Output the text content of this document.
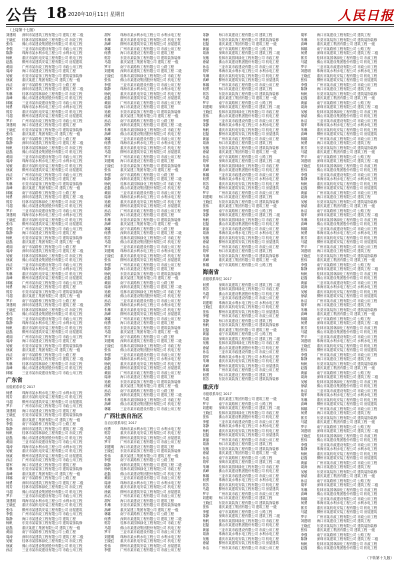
公告 18 2020年10月11日 星期日	人民日报
（上接第十七版）
刘建明	深圳市某建筑工程有限公司 建筑工程 二级
王晓红	桂林市某园林绿化工程有限公司 市政工程
张伟	佛山市某建设集团股份有限公司 机电工程
李强	三亚市某市政建设有限公司 市政公用工程
陈静	珠海市某水利水电工程公司 水利水电工程
杨帆	重庆市某机电安装工程有限公司 机电工程
赵磊	柳州市某建筑安装工程有限公司 房屋建筑
黄丽	广州市某市政工程有限公司 市政公用工程
周涛	海口市某建设工程有限公司 建筑工程
吴敏	东莞市某装饰工程有限公司 建筑装饰装修
徐斌	重庆某建工集团有限公司 建筑工程 一级
孙洁	南宁市某路桥工程有限公司 公路工程
胡军	深圳市某建筑工程有限公司 建筑工程 二级
朱琳	桂林市某园林绿化工程有限公司 市政工程
高峰	佛山市某建设集团股份有限公司 机电工程
林娜	三亚市某市政建设有限公司 市政公用工程
何勇	珠海市某水利水电工程公司 水利水电工程
郭芳	重庆市某机电安装工程有限公司 机电工程
马超	柳州市某建筑安装工程有限公司 房屋建筑
罗平	广州市某市政工程有限公司 市政公用工程
刘建明	海口市某建设工程有限公司 建筑工程
王晓红	东莞市某装饰工程有限公司 建筑装饰装修
张伟	重庆某建工集团有限公司 建筑工程 一级
李强	南宁市某路桥工程有限公司 公路工程
陈静	深圳市某建筑工程有限公司 建筑工程 二级
杨帆	桂林市某园林绿化工程有限公司 市政工程
赵磊	佛山市某建设集团股份有限公司 机电工程
黄丽	三亚市某市政建设有限公司 市政公用工程
周涛	珠海市某水利水电工程公司 水利水电工程
吴敏	重庆市某机电安装工程有限公司 机电工程
徐斌	柳州市某建筑安装工程有限公司 房屋建筑
孙洁	广州市某市政工程有限公司 市政公用工程
胡军	海口市某建设工程有限公司 建筑工程
朱琳	东莞市某装饰工程有限公司 建筑装饰装修
高峰	重庆某建工集团有限公司 建筑工程 一级
林娜	南宁市某路桥工程有限公司 公路工程
何勇	深圳市某建筑工程有限公司 建筑工程 二级
郭芳	桂林市某园林绿化工程有限公司 市政工程
马超	佛山市某建设集团股份有限公司 机电工程
罗平	三亚市某市政建设有限公司 市政公用工程
刘建明	珠海市某水利水电工程公司 水利水电工程
王晓红	重庆市某机电安装工程有限公司 机电工程
张伟	柳州市某建筑安装工程有限公司 房屋建筑
李强	广州市某市政工程有限公司 市政公用工程
陈静	海口市某建设工程有限公司 建筑工程
杨帆	东莞市某装饰工程有限公司 建筑装饰装修
赵磊	重庆某建工集团有限公司 建筑工程 一级
黄丽	南宁市某路桥工程有限公司 公路工程
周涛	深圳市某建筑工程有限公司 建筑工程 二级
吴敏	桂林市某园林绿化工程有限公司 市政工程
徐斌	佛山市某建设集团股份有限公司 机电工程
孙洁	三亚市某市政建设有限公司 市政公用工程
胡军	珠海市某水利水电工程公司 水利水电工程
朱琳	重庆市某机电安装工程有限公司 机电工程
高峰	柳州市某建筑安装工程有限公司 房屋建筑
林娜	广州市某市政工程有限公司 市政公用工程
何勇	海口市某建设工程有限公司 建筑工程
郭芳	东莞市某装饰工程有限公司 建筑装饰装修
马超	重庆某建工集团有限公司 建筑工程 一级
罗平	南宁市某路桥工程有限公司 公路工程
刘建明	深圳市某建筑工程有限公司 建筑工程 二级
王晓红	桂林市某园林绿化工程有限公司 市政工程
张伟	佛山市某建设集团股份有限公司 机电工程
李强	三亚市某市政建设有限公司 市政公用工程
陈静	珠海市某水利水电工程公司 水利水电工程
杨帆	重庆市某机电安装工程有限公司 机电工程
赵磊	柳州市某建筑安装工程有限公司 房屋建筑
黄丽	广州市某市政工程有限公司 市政公用工程
周涛	海口市某建设工程有限公司 建筑工程
吴敏	东莞市某装饰工程有限公司 建筑装饰装修
徐斌	重庆某建工集团有限公司 建筑工程 一级
孙洁	南宁市某路桥工程有限公司 公路工程
胡军	深圳市某建筑工程有限公司 建筑工程 二级
朱琳	桂林市某园林绿化工程有限公司 市政工程
高峰	佛山市某建设集团股份有限公司 机电工程
林娜	三亚市某市政建设有限公司 市政公用工程
广东省
省级联系单位 2017
何勇	珠海市某水利水电工程公司 水利水电工程
郭芳	重庆市某机电安装工程有限公司 机电工程
马超	柳州市某建筑安装工程有限公司 房屋建筑
罗平	广州市某市政工程有限公司 市政公用工程
刘建明	海口市某建设工程有限公司 建筑工程
王晓红	东莞市某装饰工程有限公司 建筑装饰装修
张伟	重庆某建工集团有限公司 建筑工程 一级
李强	南宁市某路桥工程有限公司 公路工程
陈静	深圳市某建筑工程有限公司 建筑工程 二级
杨帆	桂林市某园林绿化工程有限公司 市政工程
赵磊	佛山市某建设集团股份有限公司 机电工程
黄丽	三亚市某市政建设有限公司 市政公用工程
周涛	珠海市某水利水电工程公司 水利水电工程
吴敏	重庆市某机电安装工程有限公司 机电工程
徐斌	柳州市某建筑安装工程有限公司 房屋建筑
孙洁	广州市某市政工程有限公司 市政公用工程
胡军	海口市某建设工程有限公司 建筑工程
朱琳	东莞市某装饰工程有限公司 建筑装饰装修
高峰	重庆某建工集团有限公司 建筑工程 一级
林娜	南宁市某路桥工程有限公司 公路工程
何勇	深圳市某建筑工程有限公司 建筑工程 二级
郭芳	桂林市某园林绿化工程有限公司 市政工程
马超	佛山市某建设集团股份有限公司 机电工程
罗平	三亚市某市政建设有限公司 市政公用工程
刘建明	珠海市某水利水电工程公司 水利水电工程
王晓红	重庆市某机电安装工程有限公司 机电工程
张伟	柳州市某建筑安装工程有限公司 房屋建筑
李强	广州市某市政工程有限公司 市政公用工程
陈静	海口市某建设工程有限公司 建筑工程
杨帆	东莞市某装饰工程有限公司 建筑装饰装修
赵磊	重庆某建工集团有限公司 建筑工程 一级
黄丽	南宁市某路桥工程有限公司 公路工程
周涛	深圳市某建筑工程有限公司 建筑工程 二级
吴敏	桂林市某园林绿化工程有限公司 市政工程
徐斌	佛山市某建设集团股份有限公司 机电工程
孙洁	三亚市某市政建设有限公司 市政公用工程
胡军	珠海市某水利水电工程公司 水利水电工程
朱琳	重庆市某机电安装工程有限公司 机电工程
高峰	柳州市某建筑安装工程有限公司 房屋建筑
林娜	广州市某市政工程有限公司 市政公用工程
何勇	海口市某建设工程有限公司 建筑工程
郭芳	东莞市某装饰工程有限公司 建筑装饰装修
马超	重庆某建工集团有限公司 建筑工程 一级
罗平	南宁市某路桥工程有限公司 公路工程
刘建明	深圳市某建筑工程有限公司 建筑工程 二级
王晓红	桂林市某园林绿化工程有限公司 市政工程
张伟	佛山市某建设集团股份有限公司 机电工程
李强	三亚市某市政建设有限公司 市政公用工程
陈静	珠海市某水利水电工程公司 水利水电工程
杨帆	重庆市某机电安装工程有限公司 机电工程
赵磊	柳州市某建筑安装工程有限公司 房屋建筑
黄丽	广州市某市政工程有限公司 市政公用工程
周涛	海口市某建设工程有限公司 建筑工程
吴敏	东莞市某装饰工程有限公司 建筑装饰装修
徐斌	重庆某建工集团有限公司 建筑工程 一级
孙洁	南宁市某路桥工程有限公司 公路工程
胡军	深圳市某建筑工程有限公司 建筑工程 二级
朱琳	桂林市某园林绿化工程有限公司 市政工程
高峰	佛山市某建设集团股份有限公司 机电工程
林娜	三亚市某市政建设有限公司 市政公用工程
何勇	珠海市某水利水电工程公司 水利水电工程
郭芳	重庆市某机电安装工程有限公司 机电工程
马超	柳州市某建筑安装工程有限公司 房屋建筑
罗平	广州市某市政工程有限公司 市政公用工程
刘建明	海口市某建设工程有限公司 建筑工程
王晓红	东莞市某装饰工程有限公司 建筑装饰装修
张伟	重庆某建工集团有限公司 建筑工程 一级
李强	南宁市某路桥工程有限公司 公路工程
陈静	深圳市某建筑工程有限公司 建筑工程 二级
杨帆	桂林市某园林绿化工程有限公司 市政工程
赵磊	佛山市某建设集团股份有限公司 机电工程
黄丽	三亚市某市政建设有限公司 市政公用工程
周涛	珠海市某水利水电工程公司 水利水电工程
吴敏	重庆市某机电安装工程有限公司 机电工程
徐斌	柳州市某建筑安装工程有限公司 房屋建筑
孙洁	广州市某市政工程有限公司 市政公用工程
胡军	海口市某建设工程有限公司 建筑工程
朱琳	东莞市某装饰工程有限公司 建筑装饰装修
高峰	重庆某建工集团有限公司 建筑工程 一级
林娜	南宁市某路桥工程有限公司 公路工程
何勇	深圳市某建筑工程有限公司 建筑工程 二级
郭芳	桂林市某园林绿化工程有限公司 市政工程
马超	佛山市某建设集团股份有限公司 机电工程
罗平	三亚市某市政建设有限公司 市政公用工程
刘建明	珠海市某水利水电工程公司 水利水电工程
王晓红	重庆市某机电安装工程有限公司 机电工程
张伟	柳州市某建筑安装工程有限公司 房屋建筑
李强	广州市某市政工程有限公司 市政公用工程
陈静	海口市某建设工程有限公司 建筑工程
杨帆	东莞市某装饰工程有限公司 建筑装饰装修
赵磊	重庆某建工集团有限公司 建筑工程 一级
黄丽	南宁市某路桥工程有限公司 公路工程
周涛	深圳市某建筑工程有限公司 建筑工程 二级
吴敏	桂林市某园林绿化工程有限公司 市政工程
徐斌	佛山市某建设集团股份有限公司 机电工程
孙洁	三亚市某市政建设有限公司 市政公用工程
胡军	珠海市某水利水电工程公司 水利水电工程
朱琳	重庆市某机电安装工程有限公司 机电工程
高峰	柳州市某建筑安装工程有限公司 房屋建筑
林娜	广州市某市政工程有限公司 市政公用工程
何勇	海口市某建设工程有限公司 建筑工程
郭芳	东莞市某装饰工程有限公司 建筑装饰装修
马超	重庆某建工集团有限公司 建筑工程 一级
罗平	南宁市某路桥工程有限公司 公路工程
刘建明	深圳市某建筑工程有限公司 建筑工程 二级
王晓红	桂林市某园林绿化工程有限公司 市政工程
张伟	佛山市某建设集团股份有限公司 机电工程
李强	三亚市某市政建设有限公司 市政公用工程
陈静	珠海市某水利水电工程公司 水利水电工程
杨帆	重庆市某机电安装工程有限公司 机电工程
赵磊	柳州市某建筑安装工程有限公司 房屋建筑
黄丽	广州市某市政工程有限公司 市政公用工程
周涛	海口市某建设工程有限公司 建筑工程
吴敏	东莞市某装饰工程有限公司 建筑装饰装修
徐斌	重庆某建工集团有限公司 建筑工程 一级
孙洁	南宁市某路桥工程有限公司 公路工程
胡军	深圳市某建筑工程有限公司 建筑工程 二级
朱琳	桂林市某园林绿化工程有限公司 市政工程
高峰	佛山市某建设集团股份有限公司 机电工程
林娜	三亚市某市政建设有限公司 市政公用工程
广西壮族自治区
自治区联系单位 2017
何勇	珠海市某水利水电工程公司 水利水电工程
郭芳	重庆市某机电安装工程有限公司 机电工程
马超	柳州市某建筑安装工程有限公司 房屋建筑
罗平	广州市某市政工程有限公司 市政公用工程
刘建明	海口市某建设工程有限公司 建筑工程
王晓红	东莞市某装饰工程有限公司 建筑装饰装修
张伟	重庆某建工集团有限公司 建筑工程 一级
李强	南宁市某路桥工程有限公司 公路工程
陈静	深圳市某建筑工程有限公司 建筑工程 二级
杨帆	桂林市某园林绿化工程有限公司 市政工程
赵磊	佛山市某建设集团股份有限公司 机电工程
黄丽	三亚市某市政建设有限公司 市政公用工程
周涛	珠海市某水利水电工程公司 水利水电工程
吴敏	重庆市某机电安装工程有限公司 机电工程
徐斌	柳州市某建筑安装工程有限公司 房屋建筑
孙洁	广州市某市政工程有限公司 市政公用工程
胡军	海口市某建设工程有限公司 建筑工程
朱琳	东莞市某装饰工程有限公司 建筑装饰装修
高峰	重庆某建工集团有限公司 建筑工程 一级
林娜	南宁市某路桥工程有限公司 公路工程
何勇	深圳市某建筑工程有限公司 建筑工程 二级
郭芳	桂林市某园林绿化工程有限公司 市政工程
马超	佛山市某建设集团股份有限公司 机电工程
罗平	三亚市某市政建设有限公司 市政公用工程
刘建明	珠海市某水利水电工程公司 水利水电工程
王晓红	重庆市某机电安装工程有限公司 机电工程
张伟	柳州市某建筑安装工程有限公司 房屋建筑
李强	广州市某市政工程有限公司 市政公用工程
陈静	海口市某建设工程有限公司 建筑工程
杨帆	东莞市某装饰工程有限公司 建筑装饰装修
赵磊	重庆某建工集团有限公司 建筑工程 一级
黄丽	南宁市某路桥工程有限公司 公路工程
周涛	深圳市某建筑工程有限公司 建筑工程 二级
吴敏	桂林市某园林绿化工程有限公司 市政工程
徐斌	佛山市某建设集团股份有限公司 机电工程
孙洁	三亚市某市政建设有限公司 市政公用工程
胡军	珠海市某水利水电工程公司 水利水电工程
朱琳	重庆市某机电安装工程有限公司 机电工程
高峰	柳州市某建筑安装工程有限公司 房屋建筑
林娜	广州市某市政工程有限公司 市政公用工程
何勇	海口市某建设工程有限公司 建筑工程
郭芳	东莞市某装饰工程有限公司 建筑装饰装修
马超	重庆某建工集团有限公司 建筑工程 一级
罗平	南宁市某路桥工程有限公司 公路工程
刘建明	深圳市某建筑工程有限公司 建筑工程 二级
王晓红	桂林市某园林绿化工程有限公司 市政工程
张伟	佛山市某建设集团股份有限公司 机电工程
李强	三亚市某市政建设有限公司 市政公用工程
陈静	珠海市某水利水电工程公司 水利水电工程
杨帆	重庆市某机电安装工程有限公司 机电工程
赵磊	柳州市某建筑安装工程有限公司 房屋建筑
黄丽	广州市某市政工程有限公司 市政公用工程
周涛	海口市某建设工程有限公司 建筑工程
吴敏	东莞市某装饰工程有限公司 建筑装饰装修
徐斌	重庆某建工集团有限公司 建筑工程 一级
孙洁	南宁市某路桥工程有限公司 公路工程
胡军	深圳市某建筑工程有限公司 建筑工程 二级
朱琳	桂林市某园林绿化工程有限公司 市政工程
高峰	佛山市某建设集团股份有限公司 机电工程
林娜	三亚市某市政建设有限公司 市政公用工程
何勇	珠海市某水利水电工程公司 水利水电工程
郭芳	重庆市某机电安装工程有限公司 机电工程
马超	柳州市某建筑安装工程有限公司 房屋建筑
罗平	广州市某市政工程有限公司 市政公用工程
刘建明	海口市某建设工程有限公司 建筑工程
王晓红	东莞市某装饰工程有限公司 建筑装饰装修
张伟	重庆某建工集团有限公司 建筑工程 一级
李强	南宁市某路桥工程有限公司 公路工程
陈静	深圳市某建筑工程有限公司 建筑工程 二级
杨帆	桂林市某园林绿化工程有限公司 市政工程
赵磊	佛山市某建设集团股份有限公司 机电工程
黄丽	三亚市某市政建设有限公司 市政公用工程
周涛	珠海市某水利水电工程公司 水利水电工程
吴敏	重庆市某机电安装工程有限公司 机电工程
徐斌	柳州市某建筑安装工程有限公司 房屋建筑
孙洁	广州市某市政工程有限公司 市政公用工程
胡军	海口市某建设工程有限公司 建筑工程
朱琳	东莞市某装饰工程有限公司 建筑装饰装修
高峰	重庆某建工集团有限公司 建筑工程 一级
林娜	南宁市某路桥工程有限公司 公路工程
海南省
省级联系单位 2017
何勇	深圳市某建筑工程有限公司 建筑工程 二级
郭芳	桂林市某园林绿化工程有限公司 市政工程
马超	佛山市某建设集团股份有限公司 机电工程
罗平	三亚市某市政建设有限公司 市政公用工程
刘建明	珠海市某水利水电工程公司 水利水电工程
王晓红	重庆市某机电安装工程有限公司 机电工程
张伟	柳州市某建筑安装工程有限公司 房屋建筑
李强	广州市某市政工程有限公司 市政公用工程
陈静	海口市某建设工程有限公司 建筑工程
杨帆	东莞市某装饰工程有限公司 建筑装饰装修
赵磊	重庆某建工集团有限公司 建筑工程 一级
黄丽	南宁市某路桥工程有限公司 公路工程
周涛	深圳市某建筑工程有限公司 建筑工程 二级
吴敏	桂林市某园林绿化工程有限公司 市政工程
徐斌	佛山市某建设集团股份有限公司 机电工程
孙洁	三亚市某市政建设有限公司 市政公用工程
胡军	珠海市某水利水电工程公司 水利水电工程
朱琳	重庆市某机电安装工程有限公司 机电工程
高峰	柳州市某建筑安装工程有限公司 房屋建筑
林娜	广州市某市政工程有限公司 市政公用工程
何勇	海口市某建设工程有限公司 建筑工程
郭芳	东莞市某装饰工程有限公司 建筑装饰装修
重庆市
市级联系单位 2017
马超	重庆某建工集团有限公司 建筑工程 一级
罗平	南宁市某路桥工程有限公司 公路工程
刘建明	深圳市某建筑工程有限公司 建筑工程 二级
王晓红	桂林市某园林绿化工程有限公司 市政工程
张伟	佛山市某建设集团股份有限公司 机电工程
李强	三亚市某市政建设有限公司 市政公用工程
陈静	珠海市某水利水电工程公司 水利水电工程
杨帆	重庆市某机电安装工程有限公司 机电工程
赵磊	柳州市某建筑安装工程有限公司 房屋建筑
黄丽	广州市某市政工程有限公司 市政公用工程
周涛	海口市某建设工程有限公司 建筑工程
吴敏	东莞市某装饰工程有限公司 建筑装饰装修
徐斌	重庆某建工集团有限公司 建筑工程 一级
孙洁	南宁市某路桥工程有限公司 公路工程
胡军	深圳市某建筑工程有限公司 建筑工程 二级
朱琳	桂林市某园林绿化工程有限公司 市政工程
高峰	佛山市某建设集团股份有限公司 机电工程
林娜	三亚市某市政建设有限公司 市政公用工程
何勇	珠海市某水利水电工程公司 水利水电工程
郭芳	重庆市某机电安装工程有限公司 机电工程
马超	柳州市某建筑安装工程有限公司 房屋建筑
罗平	广州市某市政工程有限公司 市政公用工程
刘建明	海口市某建设工程有限公司 建筑工程
王晓红	东莞市某装饰工程有限公司 建筑装饰装修
张伟	重庆某建工集团有限公司 建筑工程 一级
李强	南宁市某路桥工程有限公司 公路工程
陈静	深圳市某建筑工程有限公司 建筑工程 二级
杨帆	桂林市某园林绿化工程有限公司 市政工程
赵磊	佛山市某建设集团股份有限公司 机电工程
黄丽	三亚市某市政建设有限公司 市政公用工程
周涛	珠海市某水利水电工程公司 水利水电工程
吴敏	重庆市某机电安装工程有限公司 机电工程
徐斌	柳州市某建筑安装工程有限公司 房屋建筑
孙洁	广州市某市政工程有限公司 市政公用工程
胡军	海口市某建设工程有限公司 建筑工程
朱琳	东莞市某装饰工程有限公司 建筑装饰装修
高峰	重庆某建工集团有限公司 建筑工程 一级
林娜	南宁市某路桥工程有限公司 公路工程
何勇	深圳市某建筑工程有限公司 建筑工程 二级
郭芳	桂林市某园林绿化工程有限公司 市政工程
马超	佛山市某建设集团股份有限公司 机电工程
罗平	三亚市某市政建设有限公司 市政公用工程
刘建明	珠海市某水利水电工程公司 水利水电工程
王晓红	重庆市某机电安装工程有限公司 机电工程
张伟	柳州市某建筑安装工程有限公司 房屋建筑
李强	广州市某市政工程有限公司 市政公用工程
陈静	海口市某建设工程有限公司 建筑工程
杨帆	东莞市某装饰工程有限公司 建筑装饰装修
赵磊	重庆某建工集团有限公司 建筑工程 一级
黄丽	南宁市某路桥工程有限公司 公路工程
周涛	深圳市某建筑工程有限公司 建筑工程 二级
吴敏	桂林市某园林绿化工程有限公司 市政工程
徐斌	佛山市某建设集团股份有限公司 机电工程
孙洁	三亚市某市政建设有限公司 市政公用工程
胡军	珠海市某水利水电工程公司 水利水电工程
朱琳	重庆市某机电安装工程有限公司 机电工程
高峰	柳州市某建筑安装工程有限公司 房屋建筑
林娜	广州市某市政工程有限公司 市政公用工程
何勇	海口市某建设工程有限公司 建筑工程
郭芳	东莞市某装饰工程有限公司 建筑装饰装修
马超	重庆某建工集团有限公司 建筑工程 一级
罗平	南宁市某路桥工程有限公司 公路工程
刘建明	深圳市某建筑工程有限公司 建筑工程 二级
王晓红	桂林市某园林绿化工程有限公司 市政工程
张伟	佛山市某建设集团股份有限公司 机电工程
李强	三亚市某市政建设有限公司 市政公用工程
陈静	珠海市某水利水电工程公司 水利水电工程
杨帆	重庆市某机电安装工程有限公司 机电工程
赵磊	柳州市某建筑安装工程有限公司 房屋建筑
黄丽	广州市某市政工程有限公司 市政公用工程
周涛	海口市某建设工程有限公司 建筑工程
吴敏	东莞市某装饰工程有限公司 建筑装饰装修
徐斌	重庆某建工集团有限公司 建筑工程 一级
孙洁	南宁市某路桥工程有限公司 公路工程
胡军	深圳市某建筑工程有限公司 建筑工程 二级
朱琳	桂林市某园林绿化工程有限公司 市政工程
高峰	佛山市某建设集团股份有限公司 机电工程
林娜	三亚市某市政建设有限公司 市政公用工程
何勇	珠海市某水利水电工程公司 水利水电工程
郭芳	重庆市某机电安装工程有限公司 机电工程
马超	柳州市某建筑安装工程有限公司 房屋建筑
罗平	广州市某市政工程有限公司 市政公用工程
刘建明	海口市某建设工程有限公司 建筑工程
王晓红	东莞市某装饰工程有限公司 建筑装饰装修
张伟	重庆某建工集团有限公司 建筑工程 一级
李强	南宁市某路桥工程有限公司 公路工程
陈静	深圳市某建筑工程有限公司 建筑工程 二级
杨帆	桂林市某园林绿化工程有限公司 市政工程
赵磊	佛山市某建设集团股份有限公司 机电工程
黄丽	三亚市某市政建设有限公司 市政公用工程
周涛	珠海市某水利水电工程公司 水利水电工程
吴敏	重庆市某机电安装工程有限公司 机电工程
徐斌	柳州市某建筑安装工程有限公司 房屋建筑
孙洁	广州市某市政工程有限公司 市政公用工程
胡军	海口市某建设工程有限公司 建筑工程
朱琳	东莞市某装饰工程有限公司 建筑装饰装修
高峰	重庆某建工集团有限公司 建筑工程 一级
林娜	南宁市某路桥工程有限公司 公路工程
何勇	深圳市某建筑工程有限公司 建筑工程 二级
郭芳	桂林市某园林绿化工程有限公司 市政工程
马超	佛山市某建设集团股份有限公司 机电工程
罗平	三亚市某市政建设有限公司 市政公用工程
刘建明	珠海市某水利水电工程公司 水利水电工程
王晓红	重庆市某机电安装工程有限公司 机电工程
张伟	柳州市某建筑安装工程有限公司 房屋建筑
李强	广州市某市政工程有限公司 市政公用工程
陈静	海口市某建设工程有限公司 建筑工程
杨帆	东莞市某装饰工程有限公司 建筑装饰装修
赵磊	重庆某建工集团有限公司 建筑工程 一级
黄丽	南宁市某路桥工程有限公司 公路工程
周涛	深圳市某建筑工程有限公司 建筑工程 二级
吴敏	桂林市某园林绿化工程有限公司 市政工程
徐斌	佛山市某建设集团股份有限公司 机电工程
孙洁	三亚市某市政建设有限公司 市政公用工程
胡军	珠海市某水利水电工程公司 水利水电工程
朱琳	重庆市某机电安装工程有限公司 机电工程
高峰	柳州市某建筑安装工程有限公司 房屋建筑
林娜	广州市某市政工程有限公司 市政公用工程
何勇	海口市某建设工程有限公司 建筑工程
郭芳	东莞市某装饰工程有限公司 建筑装饰装修
马超	重庆某建工集团有限公司 建筑工程 一级
罗平	南宁市某路桥工程有限公司 公路工程
刘建明	深圳市某建筑工程有限公司 建筑工程 二级
王晓红	桂林市某园林绿化工程有限公司 市政工程
张伟	佛山市某建设集团股份有限公司 机电工程
李强	三亚市某市政建设有限公司 市政公用工程
陈静	珠海市某水利水电工程公司 水利水电工程
杨帆	重庆市某机电安装工程有限公司 机电工程
赵磊	柳州市某建筑安装工程有限公司 房屋建筑
黄丽	广州市某市政工程有限公司 市政公用工程
周涛	海口市某建设工程有限公司 建筑工程
吴敏	东莞市某装饰工程有限公司 建筑装饰装修
徐斌	重庆某建工集团有限公司 建筑工程 一级
孙洁	南宁市某路桥工程有限公司 公路工程
胡军	深圳市某建筑工程有限公司 建筑工程 二级
朱琳	桂林市某园林绿化工程有限公司 市政工程
高峰	佛山市某建设集团股份有限公司 机电工程
林娜	三亚市某市政建设有限公司 市政公用工程
何勇	珠海市某水利水电工程公司 水利水电工程
郭芳	重庆市某机电安装工程有限公司 机电工程
马超	柳州市某建筑安装工程有限公司 房屋建筑
罗平	广州市某市政工程有限公司 市政公用工程
刘建明	海口市某建设工程有限公司 建筑工程
王晓红	东莞市某装饰工程有限公司 建筑装饰装修
张伟	重庆某建工集团有限公司 建筑工程 一级
李强	南宁市某路桥工程有限公司 公路工程
陈静	深圳市某建筑工程有限公司 建筑工程 二级
杨帆	桂林市某园林绿化工程有限公司 市政工程
赵磊	佛山市某建设集团股份有限公司 机电工程
（下转第十九版）
